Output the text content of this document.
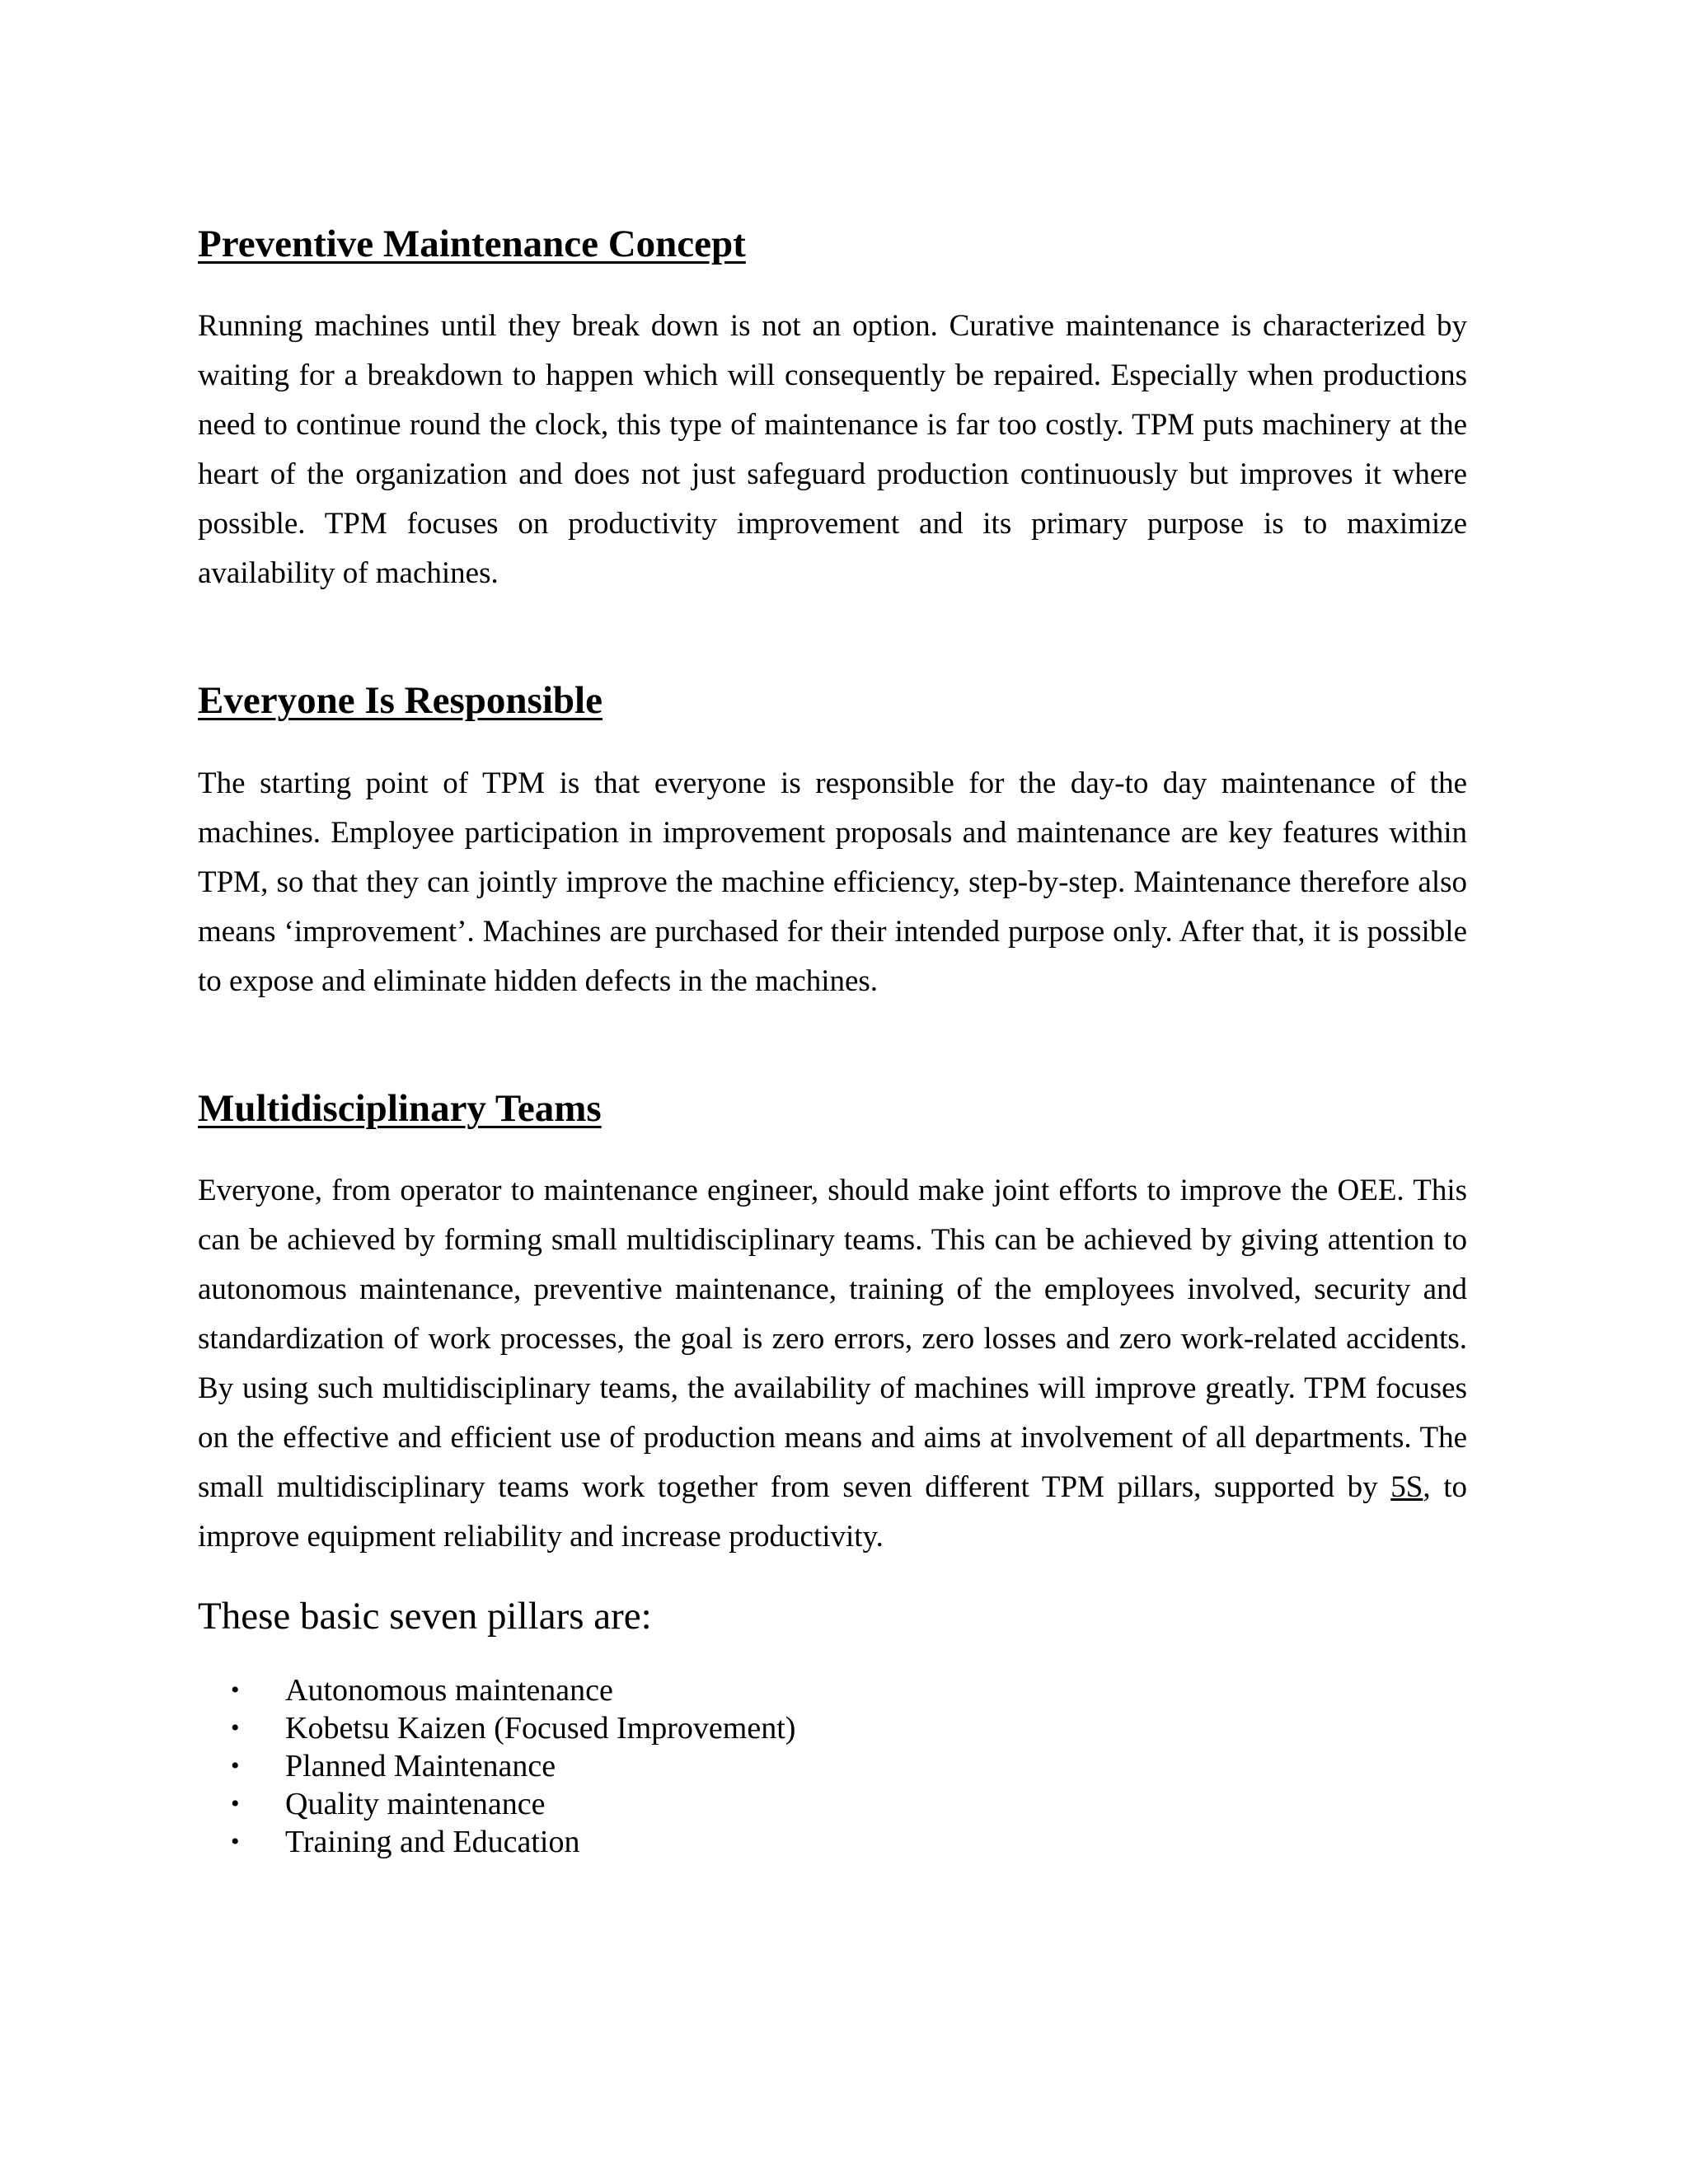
Preventive Maintenance Concept

Running machines until they break down is not an option. Curative maintenance is characterized by waiting for a breakdown to happen which will consequently be repaired. Especially when productions need to continue round the clock, this type of maintenance is far too costly. TPM puts machinery at the heart of the organization and does not just safeguard production continuously but improves it where possible. TPM focuses on productivity improvement and its primary purpose is to maximize availability of machines.

Everyone Is Responsible

The starting point of TPM is that everyone is responsible for the day-to day maintenance of the machines. Employee participation in improvement proposals and maintenance are key features within TPM, so that they can jointly improve the machine efficiency, step-by-step. Maintenance therefore also means ‘improvement’. Machines are purchased for their intended purpose only. After that, it is possible to expose and eliminate hidden defects in the machines.

Multidisciplinary Teams

Everyone, from operator to maintenance engineer, should make joint efforts to improve the OEE. This can be achieved by forming small multidisciplinary teams. This can be achieved by giving attention to autonomous maintenance, preventive maintenance, training of the employees involved, security and standardization of work processes, the goal is zero errors, zero losses and zero work-related accidents. By using such multidisciplinary teams, the availability of machines will improve greatly. TPM focuses on the effective and efficient use of production means and aims at involvement of all departments. The small multidisciplinary teams work together from seven different TPM pillars, supported by 5S, to improve equipment reliability and increase productivity.

These basic seven pillars are:

• Autonomous maintenance
• Kobetsu Kaizen (Focused Improvement)
• Planned Maintenance
• Quality maintenance
• Training and Education
